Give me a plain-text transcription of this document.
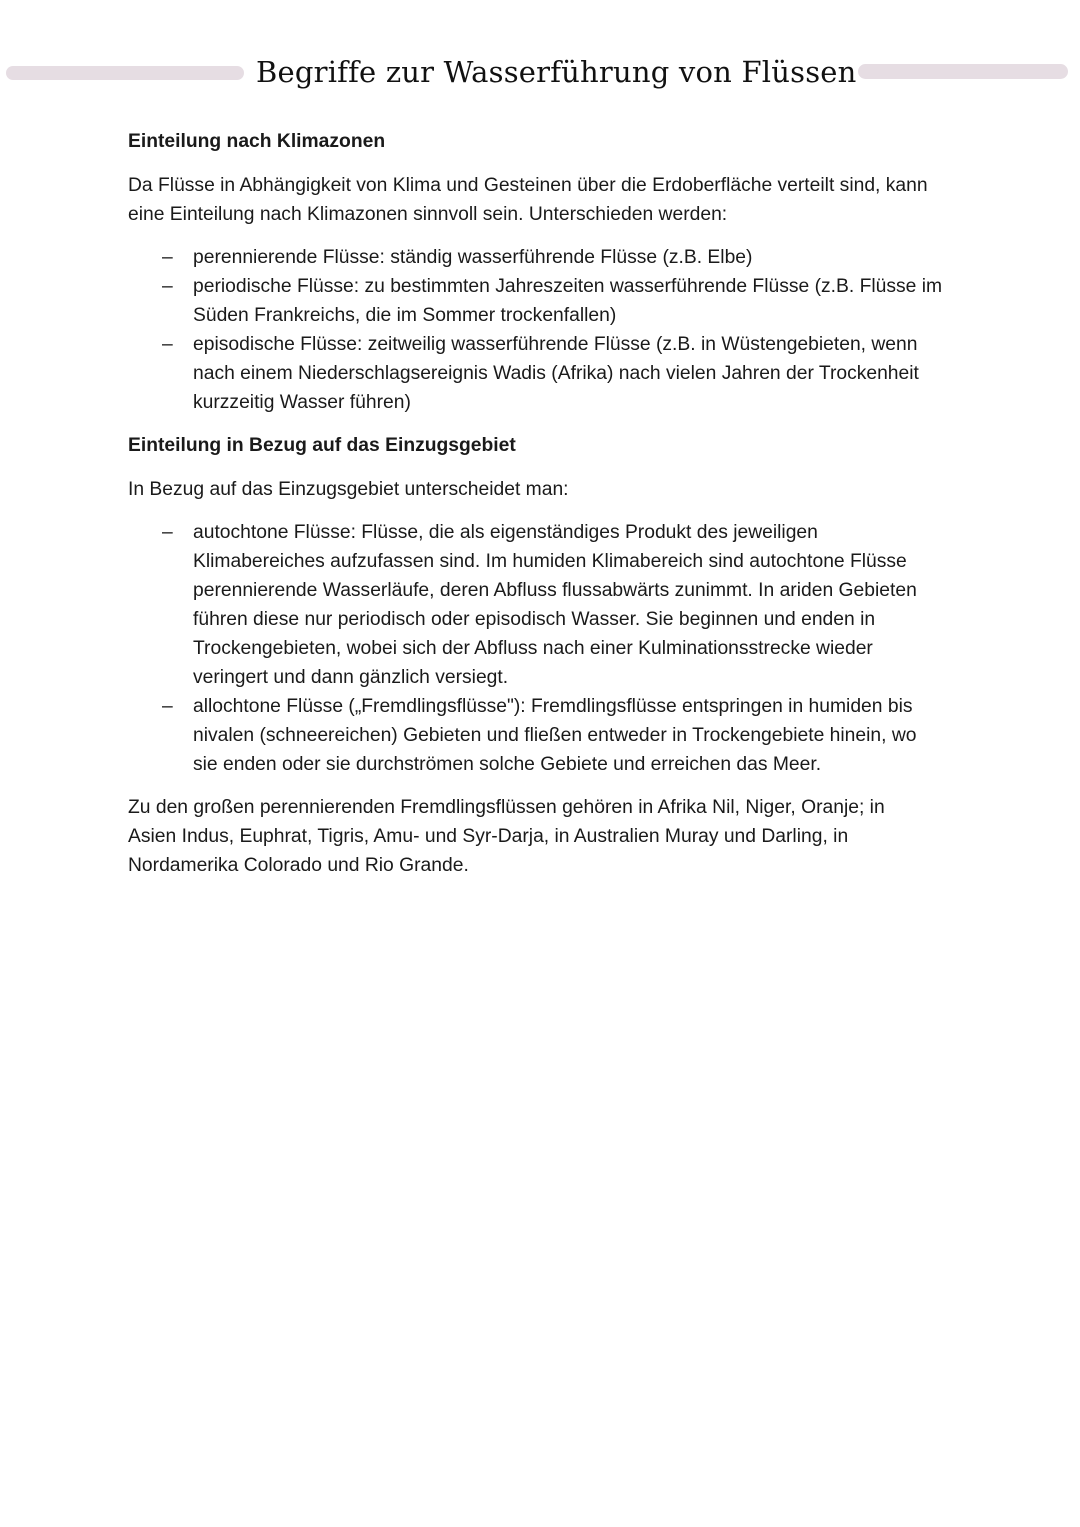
Begriffe zur Wasserführung von Flüssen
Einteilung nach Klimazonen

Da Flüsse in Abhängigkeit von Klima und Gesteinen über die Erdoberfläche verteilt sind, kann
eine Einteilung nach Klimazonen sinnvoll sein. Unterschieden werden:

– perennierende Flüsse: ständig wasserführende Flüsse (z.B. Elbe)
– periodische Flüsse: zu bestimmten Jahreszeiten wasserführende Flüsse (z.B. Flüsse im
Süden Frankreichs, die im Sommer trockenfallen)
– episodische Flüsse: zeitweilig wasserführende Flüsse (z.B. in Wüstengebieten, wenn
nach einem Niederschlagsereignis Wadis (Afrika) nach vielen Jahren der Trockenheit
kurzzeitig Wasser führen)
Einteilung in Bezug auf das Einzugsgebiet

In Bezug auf das Einzugsgebiet unterscheidet man:

– autochtone Flüsse: Flüsse, die als eigenständiges Produkt des jeweiligen
Klimabereiches aufzufassen sind. Im humiden Klimabereich sind autochtone Flüsse
perennierende Wasserläufe, deren Abfluss flussabwärts zunimmt. In ariden Gebieten
führen diese nur periodisch oder episodisch Wasser. Sie beginnen und enden in
Trockengebieten, wobei sich der Abfluss nach einer Kulminationsstrecke wieder
veringert und dann gänzlich versiegt.
– allochtone Flüsse („Fremdlingsflüsse"): Fremdlingsflüsse entspringen in humiden bis
nivalen (schneereichen) Gebieten und fließen entweder in Trockengebiete hinein, wo
sie enden oder sie durchströmen solche Gebiete und erreichen das Meer.

Zu den großen perennierenden Fremdlingsflüssen gehören in Afrika Nil, Niger, Oranje; in
Asien Indus, Euphrat, Tigris, Amu- und Syr-Darja, in Australien Muray und Darling, in
Nordamerika Colorado und Rio Grande.
